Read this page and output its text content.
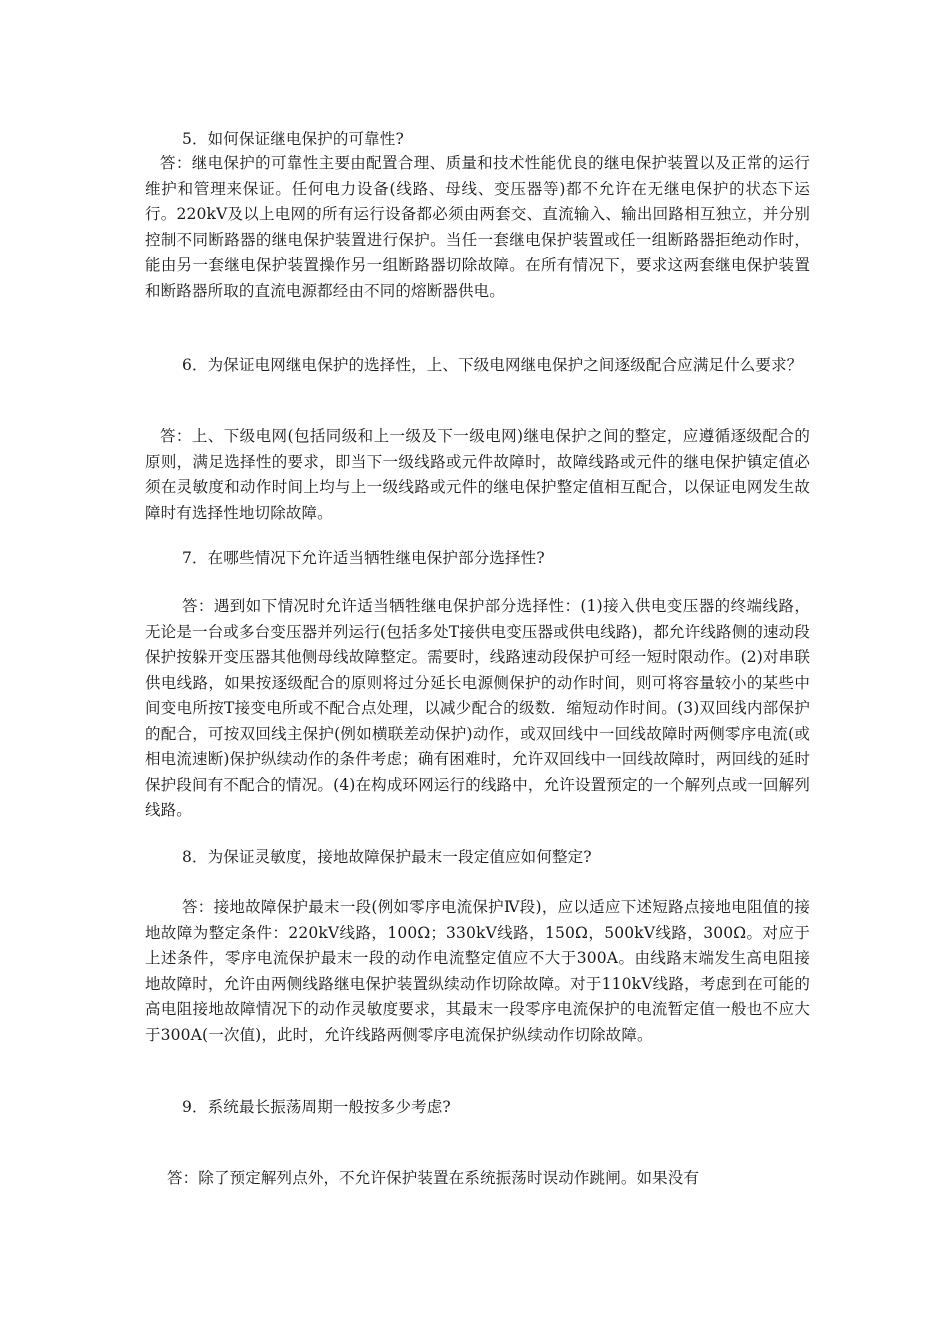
5．如何保证继电保护的可靠性?
答：继电保护的可靠性主要由配置合理、质量和技术性能优良的继电保护装置以及正常的运行维护和管理来保证。任何电力设备(线路、母线、变压器等)都不允许在无继电保护的状态下运行。220kV及以上电网的所有运行设备都必须由两套交、直流输入、输出回路相互独立，并分别控制不同断路器的继电保护装置进行保护。当任一套继电保护装置或任一组断路器拒绝动作时，能由另一套继电保护装置操作另一组断路器切除故障。在所有情况下，要求这两套继电保护装置和断路器所取的直流电源都经由不同的熔断器供电。
6．为保证电网继电保护的选择性，上、下级电网继电保护之间逐级配合应满足什么要求？
答：上、下级电网(包括同级和上一级及下一级电网)继电保护之间的整定，应遵循逐级配合的原则，满足选择性的要求，即当下一级线路或元件故障时，故障线路或元件的继电保护镇定值必须在灵敏度和动作时间上均与上一级线路或元件的继电保护整定值相互配合，以保证电网发生故障时有选择性地切除故障。
7．在哪些情况下允许适当牺牲继电保护部分选择性?
答：遇到如下情况时允许适当牺牲继电保护部分选择性：(1)接入供电变压器的终端线路，无论是一台或多台变压器并列运行(包括多处T接供电变压器或供电线路)，都允许线路侧的速动段保护按躲开变压器其他侧母线故障整定。需要时，线路速动段保护可经一短时限动作。(2)对串联供电线路，如果按逐级配合的原则将过分延长电源侧保护的动作时间，则可将容量较小的某些中间变电所按T接变电所或不配合点处理，以减少配合的级数．缩短动作时间。(3)双回线内部保护的配合，可按双回线主保护(例如横联差动保护)动作，或双回线中一回线故障时两侧零序电流(或相电流速断)保护纵续动作的条件考虑；确有困难时，允许双回线中一回线故障时，两回线的延时保护段间有不配合的情况。(4)在构成环网运行的线路中，允许设置预定的一个解列点或一回解列线路。
8．为保证灵敏度，接地故障保护最末一段定值应如何整定?
答：接地故障保护最末一段(例如零序电流保护Ⅳ段)，应以适应下述短路点接地电阻值的接地故障为整定条件：220kV线路，100Ω；330kV线路，150Ω，500kV线路，300Ω。对应于上述条件，零序电流保护最末一段的动作电流整定值应不大于300A。由线路末端发生高电阻接地故障时，允许由两侧线路继电保护装置纵续动作切除故障。对于110kV线路，考虑到在可能的高电阻接地故障情况下的动作灵敏度要求，其最末一段零序电流保护的电流暂定值一般也不应大于300A(一次值)，此时，允许线路两侧零序电流保护纵续动作切除故障。
9．系统最长振荡周期一般按多少考虑?
答：除了预定解列点外，不允许保护装置在系统振荡时误动作跳闸。如果没有
